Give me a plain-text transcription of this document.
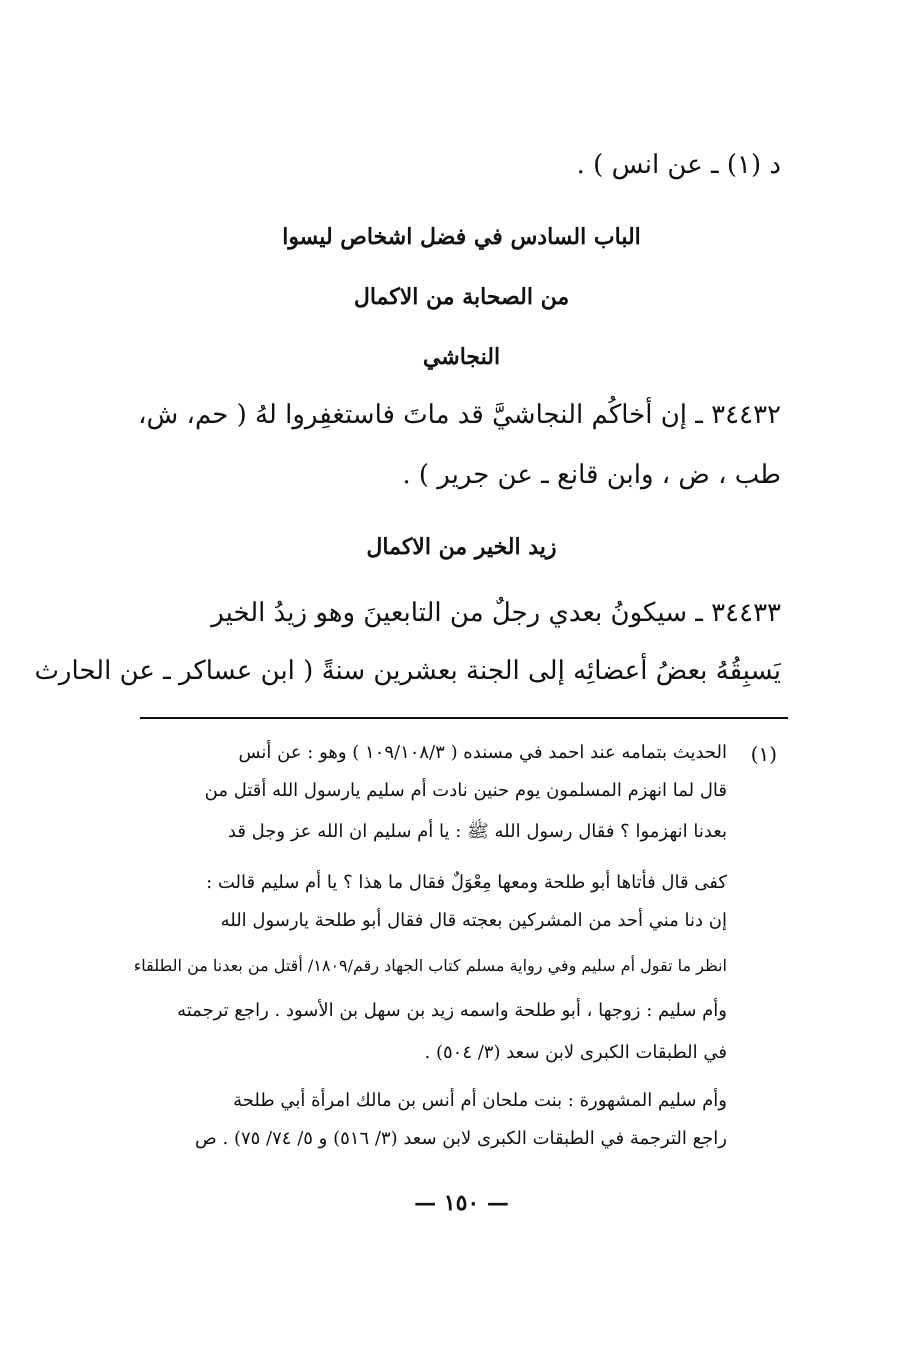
د (١) ـ عن انس ) .
الباب السادس في فضل اشخاص ليسوا
من الصحابة من الاكمال
النجاشي
٣٤٤٣٢ ـ إن أخاكُم النجاشيَّ قد ماتَ فاستغفِروا لهُ ( حم، ش،
طب ، ض ، وابن قانع ـ عن جرير ) .
زيد الخير من الاكمال
٣٤٤٣٣ ـ سيكونُ بعدي رجلٌ من التابعينَ وهو زيدُ الخير
يَسبِقُهُ بعضُ أعضائِه إلى الجنة بعشرين سنةً ( ابن عساكر ـ عن الحارث
(١)
الحديث بتمامه عند احمد في مسنده ( ١٠٩/١٠٨/٣ ) وهو : عن أنس
قال لما انهزم المسلمون يوم حنين نادت أم سليم يارسول الله أقتل من
بعدنا انهزموا ؟ فقال رسول الله ﷺ : يا أم سليم ان الله عز وجل قد
كفى قال فأتاها أبو طلحة ومعها مِعْوَلٌ فقال ما هذا ؟ يا أم سليم قالت :
إن دنا مني أحد من المشركين بعجته قال فقال أبو طلحة يارسول الله
انظر ما تقول أم سليم وفي رواية مسلم كتاب الجهاد رقم/١٨٠٩/ أقتل من بعدنا من الطلقاء
وأم سليم : زوجها ، أبو طلحة واسمه زيد بن سهل بن الأسود . راجع ترجمته
في الطبقات الكبرى لابن سعد (٣/ ٥٠٤) .
وأم سليم المشهورة : بنت ملحان أم أنس بن مالك امرأة أبي طلحة
راجع الترجمة في الطبقات الكبرى لابن سعد (٣/ ٥١٦) و ٥/ ٧٤/ ٧٥) . ص
— ١٥٠ —
